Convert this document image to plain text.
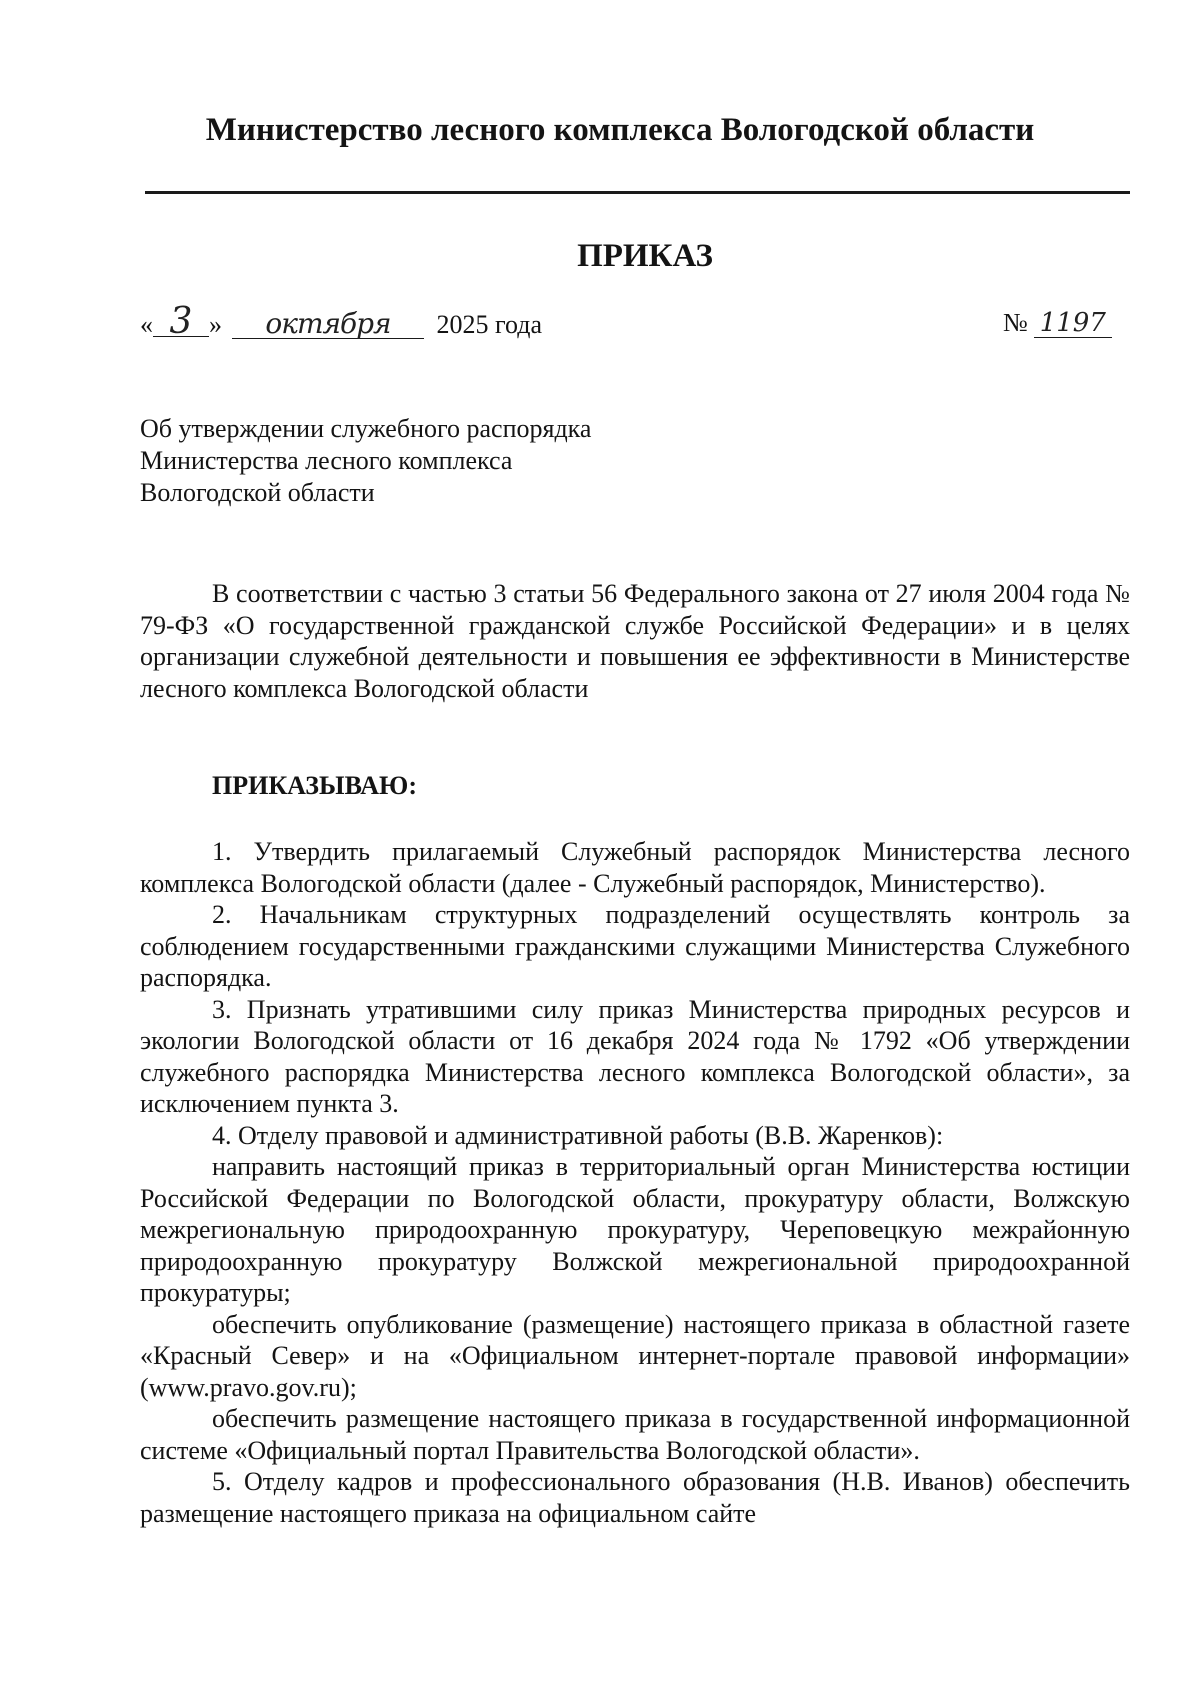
Министерство лесного комплекса Вологодской области
ПРИКАЗ
« 3 » октября 2025 года	№ 1197
Об утверждении служебного распорядка
Министерства лесного комплекса
Вологодской области
В соответствии с частью 3 статьи 56 Федерального закона от 27 июля 2004 года № 79-ФЗ «О государственной гражданской службе Российской Федерации» и в целях организации служебной деятельности и повышения ее эффективности в Министерстве лесного комплекса Вологодской области
ПРИКАЗЫВАЮ:

1. Утвердить прилагаемый Служебный распорядок Министерства лесного комплекса Вологодской области (далее - Служебный распорядок, Министерство).

2. Начальникам структурных подразделений осуществлять контроль за соблюдением государственными гражданскими служащими Министерства Служебного распорядка.

3. Признать утратившими силу приказ Министерства природных ресурсов и экологии Вологодской области от 16 декабря 2024 года № 1792 «Об утверждении служебного распорядка Министерства лесного комплекса Вологодской области», за исключением пункта 3.

4. Отделу правовой и административной работы (В.В. Жаренков):

направить настоящий приказ в территориальный орган Министерства юстиции Российской Федерации по Вологодской области, прокуратуру области, Волжскую межрегиональную природоохранную прокуратуру, Череповецкую межрайонную природоохранную прокуратуру Волжской межрегиональной природоохранной прокуратуры;

обеспечить опубликование (размещение) настоящего приказа в областной газете «Красный Север» и на «Официальном интернет-портале правовой информации» (www.pravo.gov.ru);

обеспечить размещение настоящего приказа в государственной информационной системе «Официальный портал Правительства Вологодской области».

5. Отделу кадров и профессионального образования (Н.В. Иванов) обеспечить размещение настоящего приказа на официальном сайте
